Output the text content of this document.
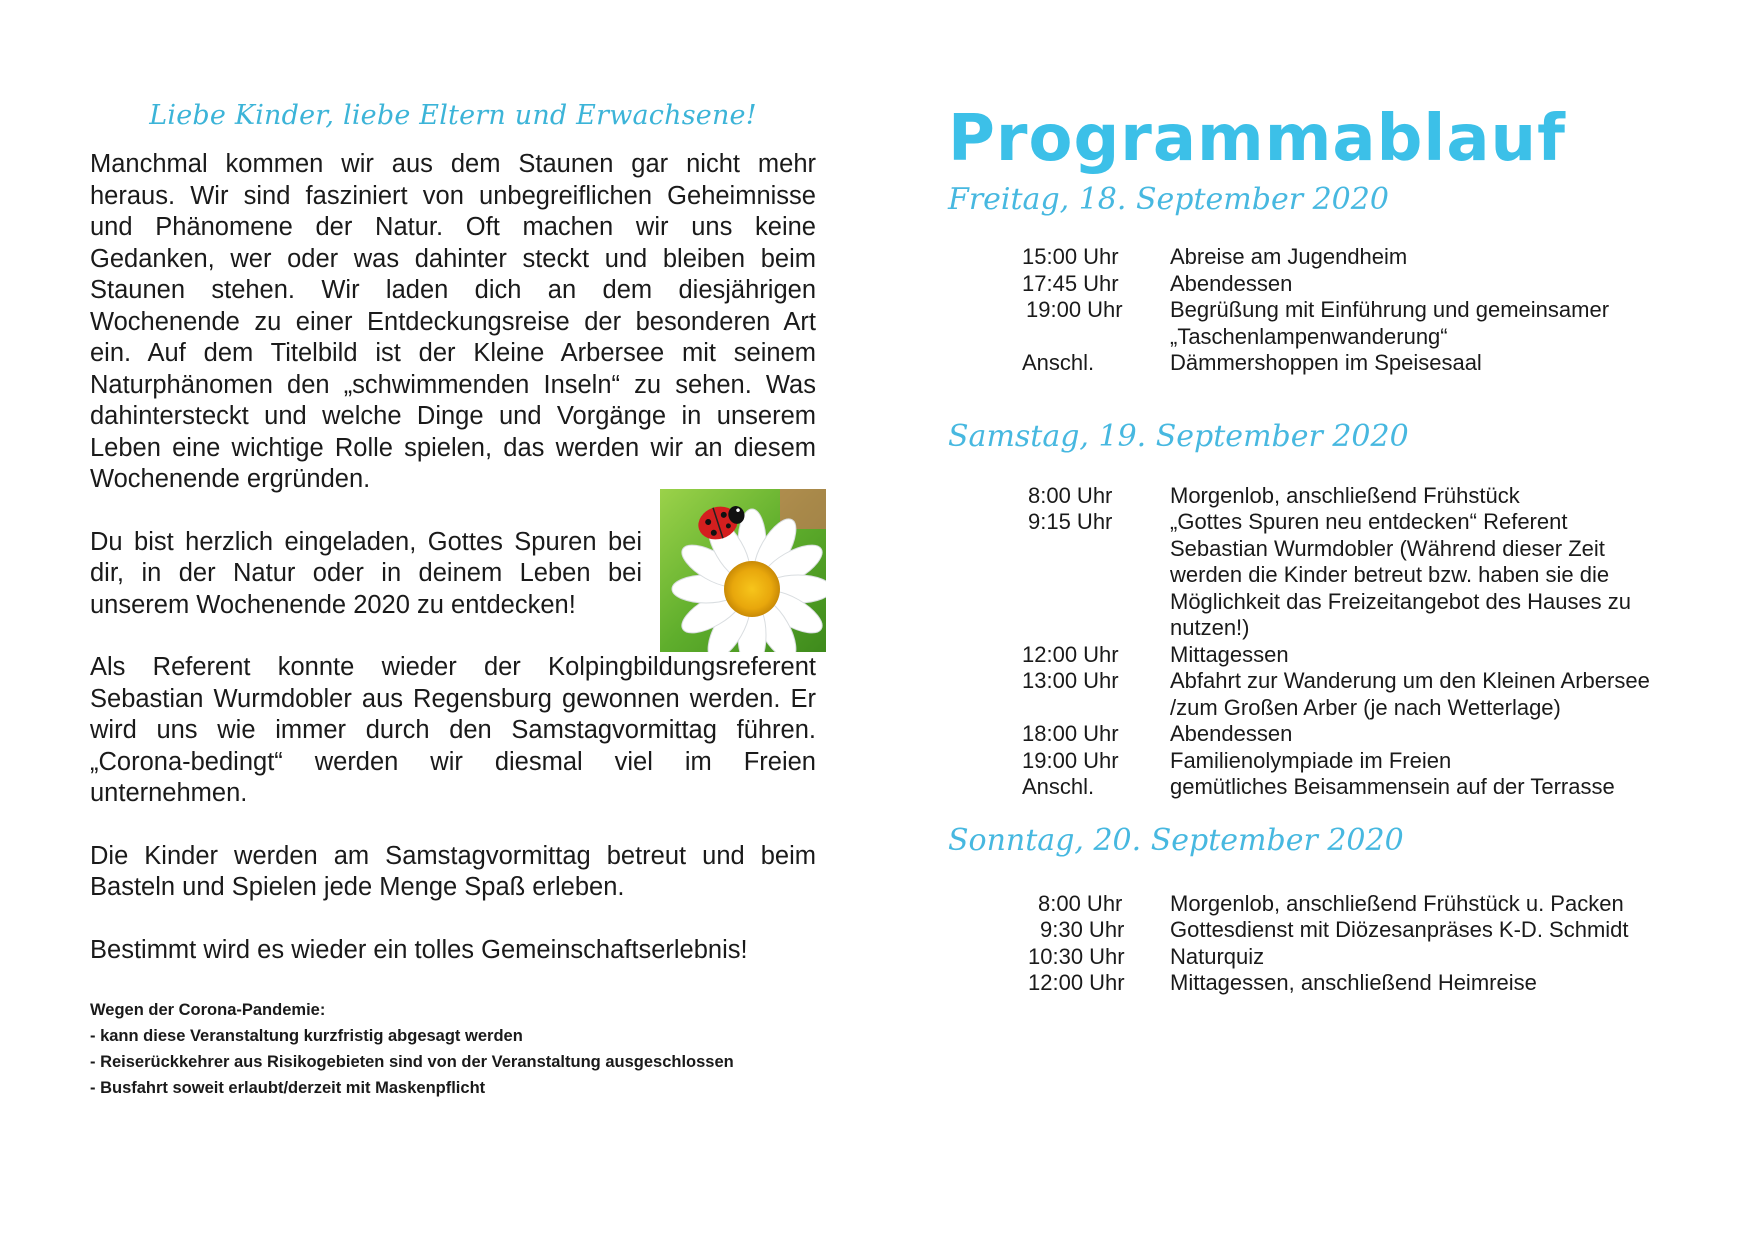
Liebe Kinder, liebe Eltern und Erwachsene!

Manchmal kommen wir aus dem Staunen gar nicht mehr heraus. Wir sind fasziniert von unbegreiflichen Geheimnisse und Phänomene der Natur. Oft machen wir uns keine Gedanken, wer oder was dahinter steckt und bleiben beim Staunen stehen. Wir laden dich an dem diesjährigen Wochenende zu einer Entdeckungsreise der besonderen Art ein. Auf dem Titelbild ist der Kleine Arbersee mit seinem Naturphänomen den „schwimmenden Inseln“ zu sehen. Was dahintersteckt und welche Dinge und Vorgänge in unserem Leben eine wichtige Rolle spielen, das werden wir an diesem Wochenende ergründen.

Du bist herzlich eingeladen, Gottes Spuren bei dir, in der Natur oder in deinem Leben bei unserem Wochenende 2020 zu entdecken!

Als Referent konnte wieder der Kolpingbildungsreferent Sebastian Wurmdobler aus Regensburg gewonnen werden. Er wird uns wie immer durch den Samstagvormittag führen. „Corona-bedingt“ werden wir diesmal viel im Freien unternehmen.

Die Kinder werden am Samstagvormittag betreut und beim Basteln und Spielen jede Menge Spaß erleben.

Bestimmt wird es wieder ein tolles Gemeinschaftserlebnis!

Wegen der Corona-Pandemie:
- kann diese Veranstaltung kurzfristig abgesagt werden
- Reiserückkehrer aus Risikogebieten sind von der Veranstaltung ausgeschlossen
- Busfahrt soweit erlaubt/derzeit mit Maskenpflicht
Programmablauf
Freitag, 18. September 2020
15:00 Uhr	Abreise am Jugendheim
17:45 Uhr	Abendessen
19:00 Uhr	Begrüßung mit Einführung und gemeinsamer „Taschenlampenwanderung“
Anschl.	Dämmershoppen im Speisesaal
Samstag, 19. September 2020
8:00 Uhr	Morgenlob, anschließend Frühstück
9:15 Uhr	„Gottes Spuren neu entdecken“ Referent Sebastian Wurmdobler (Während dieser Zeit werden die Kinder betreut bzw. haben sie die Möglichkeit das Freizeitangebot des Hauses zu nutzen!)
12:00 Uhr	Mittagessen
13:00 Uhr	Abfahrt zur Wanderung um den Kleinen Arbersee /zum Großen Arber (je nach Wetterlage)
18:00 Uhr	Abendessen
19:00 Uhr	Familienolympiade im Freien
Anschl.	gemütliches Beisammensein auf der Terrasse
Sonntag, 20. September 2020
8:00 Uhr	Morgenlob, anschließend Frühstück u. Packen
9:30 Uhr	Gottesdienst mit Diözesanpräses K-D. Schmidt
10:30 Uhr	Naturquiz
12:00 Uhr	Mittagessen, anschließend Heimreise
